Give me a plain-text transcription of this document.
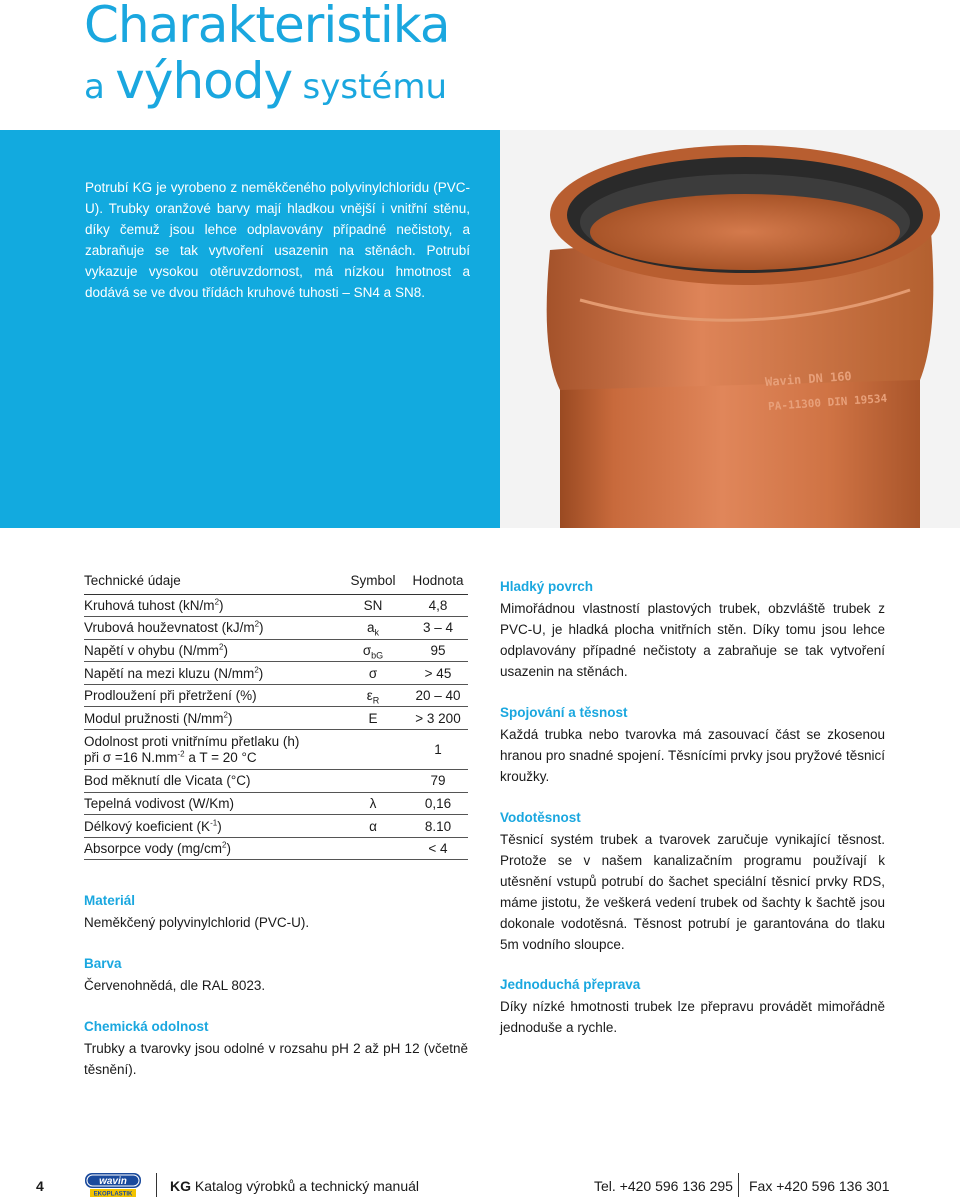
Charakteristika
a výhody systému

Potrubí KG je vyrobeno z neměkčeného polyvinylchloridu (PVC-U). Trubky oranžové barvy mají hladkou vnější i vnitřní stěnu, díky čemuž jsou lehce odplavovány případné nečistoty, a zabraňuje se tak vytvoření usazenin na stěnách. Potrubí vykazuje vysokou otěruvzdornost, má nízkou hmotnost a dodává se ve dvou třídách kruhové tuhosti – SN4 a SN8.

Wavin DN 160
PA-11300 DIN 19534
Technické údaje	Symbol	Hodnota
Kruhová tuhost $(kN/m^2)$	SN	4,8
Vrubová houževnatost $(kJ/m^2)$	$a_k$	3 – 4
Napětí v ohybu $(N/mm^2)$	$\sigma_{bG}$	95
Napětí na mezi kluzu $(N/mm^2)$	σ	> 45
Prodloužení při přetržení (%)	$\varepsilon_R$	20 – 40
Modul pružnosti $(N/mm^2)$	E	> 3 200
Odolnost proti vnitřnímu přetlaku (h)
při σ =16 $N.mm^{-2}$ a T = 20 °C		1
Bod měknutí dle Vicata (°C)		79
Tepelná vodivost (W/Km)	λ	0,16
Délkový koeficient $(K^{-1})$	α	8.10
Absorpce vody $(mg/cm^2)$		< 4
Materiál

Neměkčený polyvinylchlorid (PVC-U).

Barva

Červenohnědá, dle RAL 8023.

Chemická odolnost

Trubky a tvarovky jsou odolné v rozsahu pH 2 až pH 12 (včetně těsnění).

Hladký povrch

Mimořádnou vlastností plastových trubek, obzvláště trubek z PVC-U, je hladká plocha vnitřních stěn. Díky tomu jsou lehce odplavovány případné nečistoty a zabraňuje se tak vytvoření usazenin na stěnách.

Spojování a těsnost

Každá trubka nebo tvarovka má zasouvací část se zkosenou hranou pro snadné spojení. Těsnícími prvky jsou pryžové těsnicí kroužky.

Vodotěsnost

Těsnicí systém trubek a tvarovek zaručuje vynikající těsnost. Protože se v našem kanalizačním programu používají k utěsnění vstupů potrubí do šachet speciální těsnicí prvky RDS, máme jistotu, že veškerá vedení trubek od šachty k šachtě jsou dokonale vodotěsná. Těsnost potrubí je garantována do tlaku 5m vodního sloupce.

Jednoduchá přeprava

Díky nízké hmotnosti trubek lze přepravu provádět mimořádně jednoduše a rychle.

4	wavin
EKOPLASTIK
KG Katalog výrobků a technický manuál	Tel. +420 596 136 295 Fax +420 596 136 301
